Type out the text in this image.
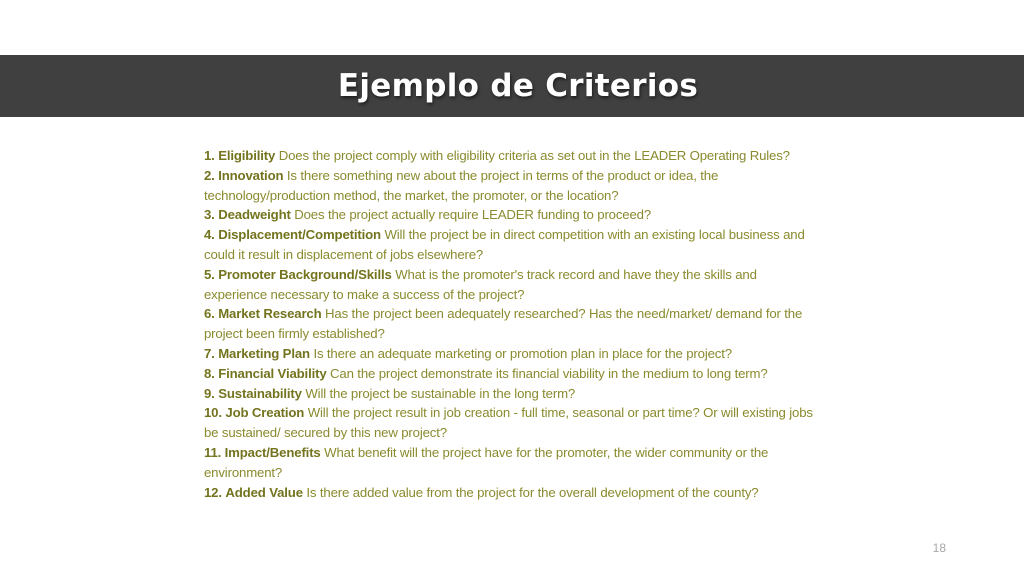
Ejemplo de Criterios
1. Eligibility Does the project comply with eligibility criteria as set out in the LEADER Operating Rules?
2. Innovation Is there something new about the project in terms of the product or idea, the technology/production method, the market, the promoter, or the location?
3. Deadweight Does the project actually require LEADER funding to proceed?
4. Displacement/Competition Will the project be in direct competition with an existing local business and could it result in displacement of jobs elsewhere?
5. Promoter Background/Skills What is the promoter's track record and have they the skills and experience necessary to make a success of the project?
6. Market Research Has the project been adequately researched? Has the need/market/ demand for the project been firmly established?
7. Marketing Plan Is there an adequate marketing or promotion plan in place for the project?
8. Financial Viability Can the project demonstrate its financial viability in the medium to long term?
9. Sustainability Will the project be sustainable in the long term?
10. Job Creation Will the project result in job creation - full time, seasonal or part time? Or will existing jobs be sustained/ secured by this new project?
11. Impact/Benefits What benefit will the project have for the promoter, the wider community or the environment?
12. Added Value Is there added value from the project for the overall development of the county?
18
